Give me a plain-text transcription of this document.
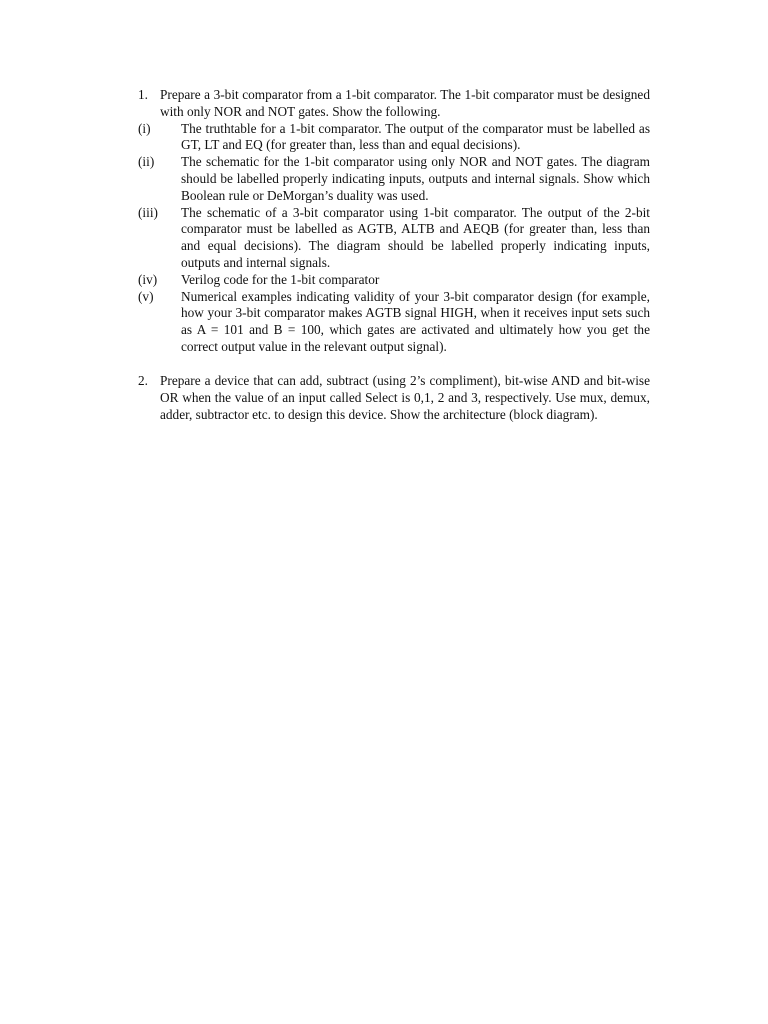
1. Prepare a 3-bit comparator from a 1-bit comparator. The 1-bit comparator must be designed with only NOR and NOT gates. Show the following.
(i)	The truthtable for a 1-bit comparator. The output of the comparator must be labelled as GT, LT and EQ (for greater than, less than and equal decisions).
(ii)	The schematic for the 1-bit comparator using only NOR and NOT gates. The diagram should be labelled properly indicating inputs, outputs and internal signals. Show which Boolean rule or DeMorgan’s duality was used.
(iii)	The schematic of a 3-bit comparator using 1-bit comparator. The output of the 2-bit comparator must be labelled as AGTB, ALTB and AEQB (for greater than, less than and equal decisions). The diagram should be labelled properly indicating inputs, outputs and internal signals.
(iv)	Verilog code for the 1-bit comparator
(v)	Numerical examples indicating validity of your 3-bit comparator design (for example, how your 3-bit comparator makes AGTB signal HIGH, when it receives input sets such as A = 101 and B = 100, which gates are activated and ultimately how you get the correct output value in the relevant output signal).
2. Prepare a device that can add, subtract (using 2’s compliment), bit-wise AND and bit-wise OR when the value of an input called Select is 0,1, 2 and 3, respectively. Use mux, demux, adder, subtractor etc. to design this device. Show the architecture (block diagram).
